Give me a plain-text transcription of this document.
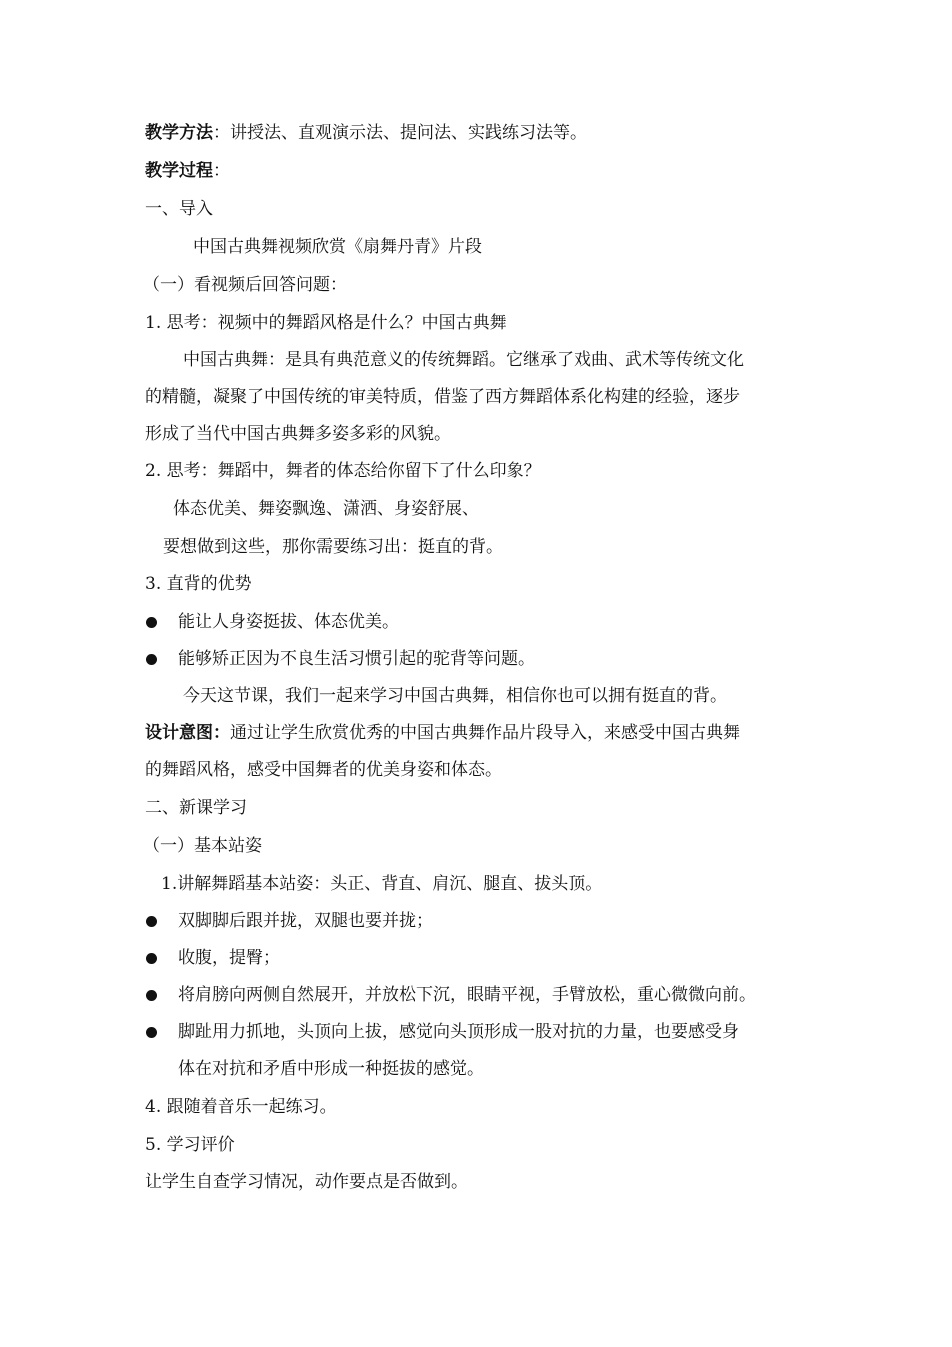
教学方法：讲授法、直观演示法、提问法、实践练习法等。
教学过程：
一、导入
中国古典舞视频欣赏《扇舞丹青》片段
（一）看视频后回答问题：
1. 思考：视频中的舞蹈风格是什么？中国古典舞
中国古典舞：是具有典范意义的传统舞蹈。它继承了戏曲、武术等传统文化
的精髓，凝聚了中国传统的审美特质，借鉴了西方舞蹈体系化构建的经验，逐步
形成了当代中国古典舞多姿多彩的风貌。
2. 思考：舞蹈中，舞者的体态给你留下了什么印象？
体态优美、舞姿飘逸、潇洒、身姿舒展、
要想做到这些，那你需要练习出：挺直的背。
3. 直背的优势
能让人身姿挺拔、体态优美。
能够矫正因为不良生活习惯引起的驼背等问题。
今天这节课，我们一起来学习中国古典舞，相信你也可以拥有挺直的背。
设计意图：通过让学生欣赏优秀的中国古典舞作品片段导入，来感受中国古典舞
的舞蹈风格，感受中国舞者的优美身姿和体态。
二、新课学习
（一）基本站姿
1.讲解舞蹈基本站姿：头正、背直、肩沉、腿直、拔头顶。
双脚脚后跟并拢，双腿也要并拢；
收腹，提臀；
将肩膀向两侧自然展开，并放松下沉，眼睛平视，手臂放松，重心微微向前。
脚趾用力抓地，头顶向上拔，感觉向头顶形成一股对抗的力量，也要感受身
体在对抗和矛盾中形成一种挺拔的感觉。
4. 跟随着音乐一起练习。
5. 学习评价
让学生自查学习情况，动作要点是否做到。
